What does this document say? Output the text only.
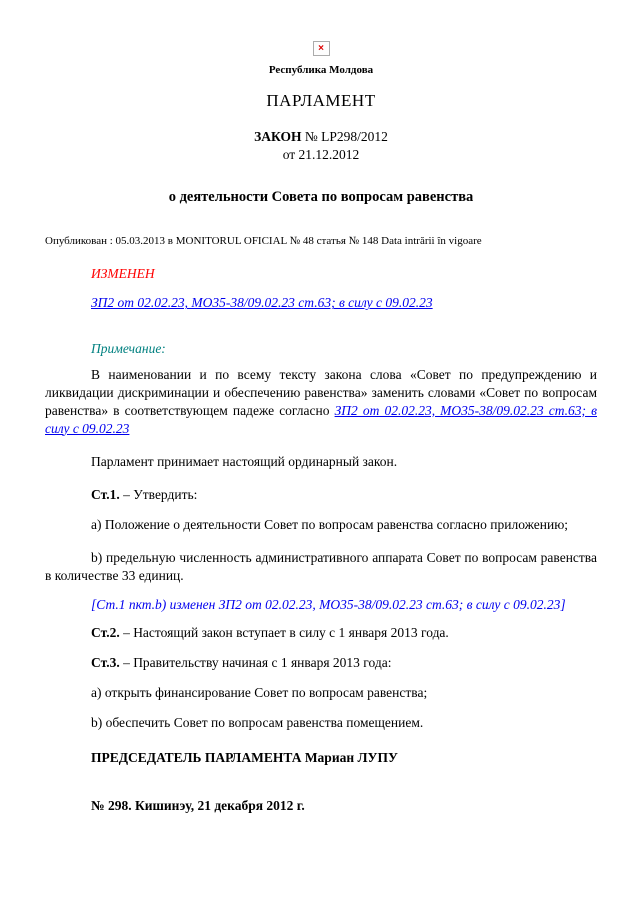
×

Республика Молдова

ПАРЛАМЕНТ

ЗАКОН № LP298/2012

от 21.12.2012

о деятельности Совета по вопросам равенства

Опубликован : 05.03.2013 в MONITORUL OFICIAL № 48 статья № 148 Data intrării în vigoare

ИЗМЕНЕН

ЗП2 от 02.02.23, МО35-38/09.02.23 ст.63; в силу с 09.02.23

Примечание:

В наименовании и по всему тексту закона слова «Совет по предупреждению и ликвидации дискриминации и обеспечению равенства» заменить словами «Совет по вопросам равенства» в соответствующем падеже согласно ЗП2 от 02.02.23, МО35-38/09.02.23 ст.63; в силу с 09.02.23

Парламент принимает настоящий ординарный закон.

Ст.1. – Утвердить:

a) Положение о деятельности Совет по вопросам равенства согласно приложению;

b) предельную численность административного аппарата Совет по вопросам равенства в количестве 33 единиц.

[Ст.1 пкт.b) изменен ЗП2 от 02.02.23, МО35-38/09.02.23 ст.63; в силу с 09.02.23]

Ст.2. – Настоящий закон вступает в силу с 1 января 2013 года.

Ст.3. – Правительству начиная с 1 января 2013 года:

a) открыть финансирование Совет по вопросам равенства;

b) обеспечить Совет по вопросам равенства помещением.

ПРЕДСЕДАТЕЛЬ ПАРЛАМЕНТА Мариан ЛУПУ

№ 298. Кишинэу, 21 декабря 2012 г.
